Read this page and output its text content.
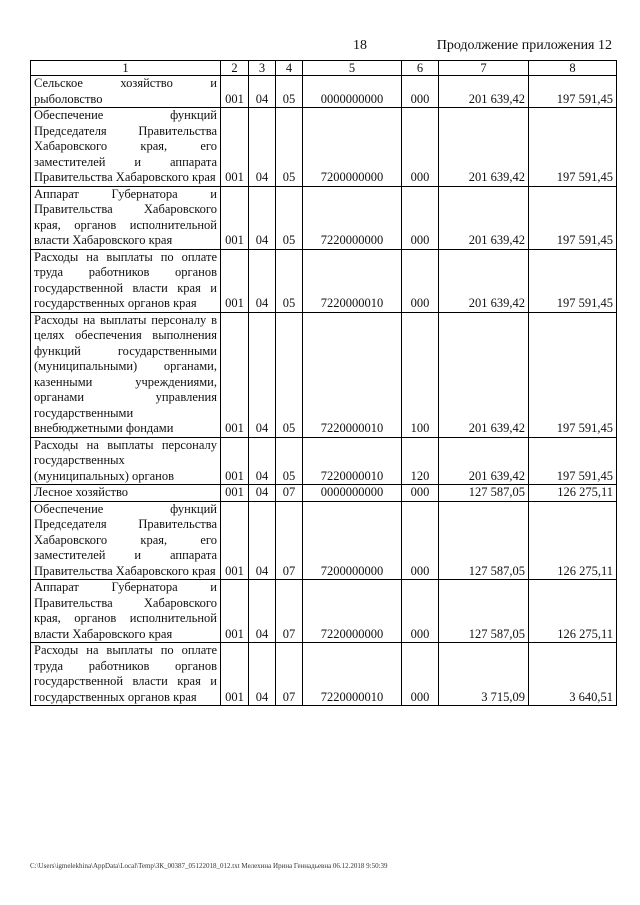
18	Продолжение приложения 12
1	2	3	4	5	6	7	8
Сельское хозяйство и рыболовство	001	04	05	0000000000	000	201 639,42	197 591,45
Обеспечение функций Председателя Правительства Хабаровского края, его заместителей и аппарата Правительства Хабаровского края	001	04	05	7200000000	000	201 639,42	197 591,45
Аппарат Губернатора и Правительства Хабаровского края, органов исполнительной власти Хабаровского края	001	04	05	7220000000	000	201 639,42	197 591,45
Расходы на выплаты по оплате труда работников органов государственной власти края и государственных органов края	001	04	05	7220000010	000	201 639,42	197 591,45
Расходы на выплаты персоналу в целях обеспечения выполнения функций государственными (муниципальными) органами, казенными учреждениями, органами управления государственными внебюджетными фондами	001	04	05	7220000010	100	201 639,42	197 591,45
Расходы на выплаты персоналу государственных (муниципальных) органов	001	04	05	7220000010	120	201 639,42	197 591,45
Лесное хозяйство	001	04	07	0000000000	000	127 587,05	126 275,11
Обеспечение функций Председателя Правительства Хабаровского края, его заместителей и аппарата Правительства Хабаровского края	001	04	07	7200000000	000	127 587,05	126 275,11
Аппарат Губернатора и Правительства Хабаровского края, органов исполнительной власти Хабаровского края	001	04	07	7220000000	000	127 587,05	126 275,11
Расходы на выплаты по оплате труда работников органов государственной власти края и государственных органов края	001	04	07	7220000010	000	3 715,09	3 640,51
C:\Users\igmelekhina\AppData\Local\Temp\ЗК_00387_05122018_012.txt Мелехина Ирина Геннадьевна 06.12.2018 9:50:39
